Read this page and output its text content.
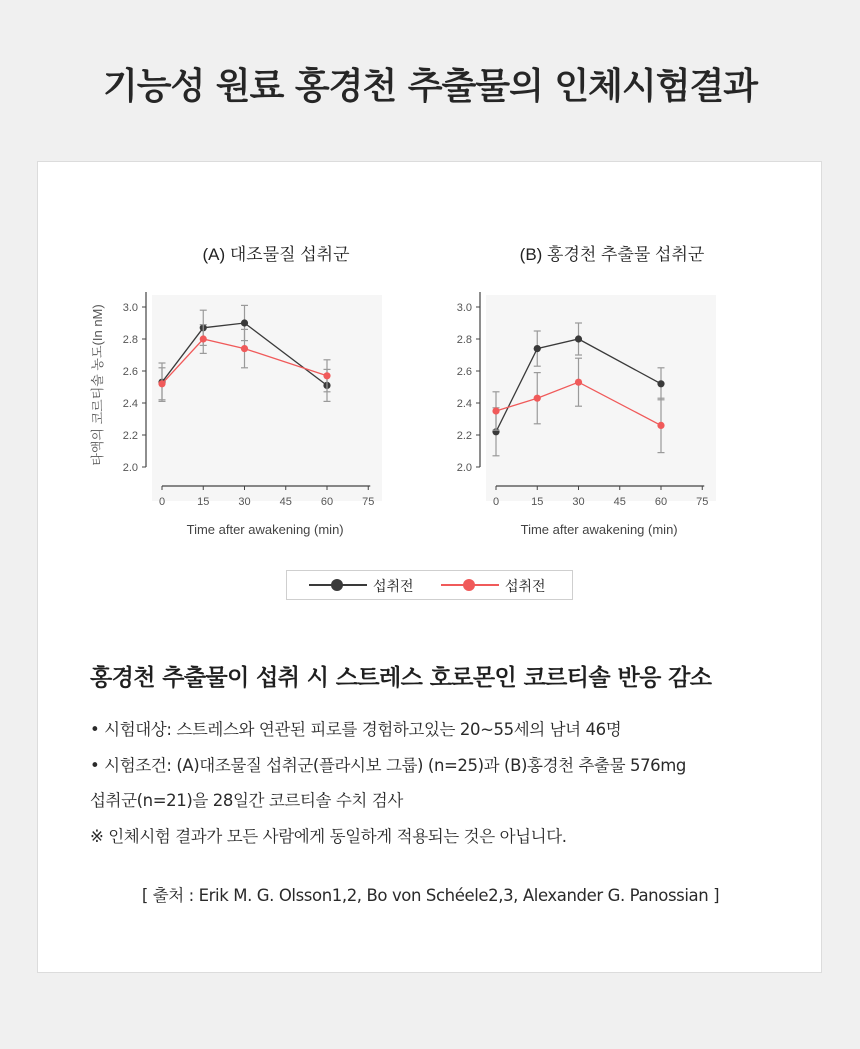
기능성 원료 홍경천 추출물의 인체시험결과
(A) 대조물질 섭취군
2.0
2.2
2.4
2.6
2.8
3.0
0	15	30	45	60	75
Time after awakening (min)
타액의 코르티솔 농도(In nM)
(B) 홍경천 추출물 섭취군
2.0
2.2
2.4
2.6
2.8
3.0
0	15	30	45	60	75
Time after awakening (min)
섭취전	섭취전
홍경천 추출물이 섭취 시 스트레스 호로몬인 코르티솔 반응 감소
• 시험대상: 스트레스와 연관된 피로를 경험하고있는 20~55세의 남녀 46명
• 시험조건: (A)대조물질 섭취군(플라시보 그룹) (n=25)과 (B)홍경천 추출물 576mg
섭취군(n=21)을 28일간 코르티솔 수치 검사
※ 인체시험 결과가 모든 사람에게 동일하게 적용되는 것은 아닙니다.
[ 출처 : Erik M. G. Olsson1,2, Bo von Schéele2,3, Alexander G. Panossian ]
